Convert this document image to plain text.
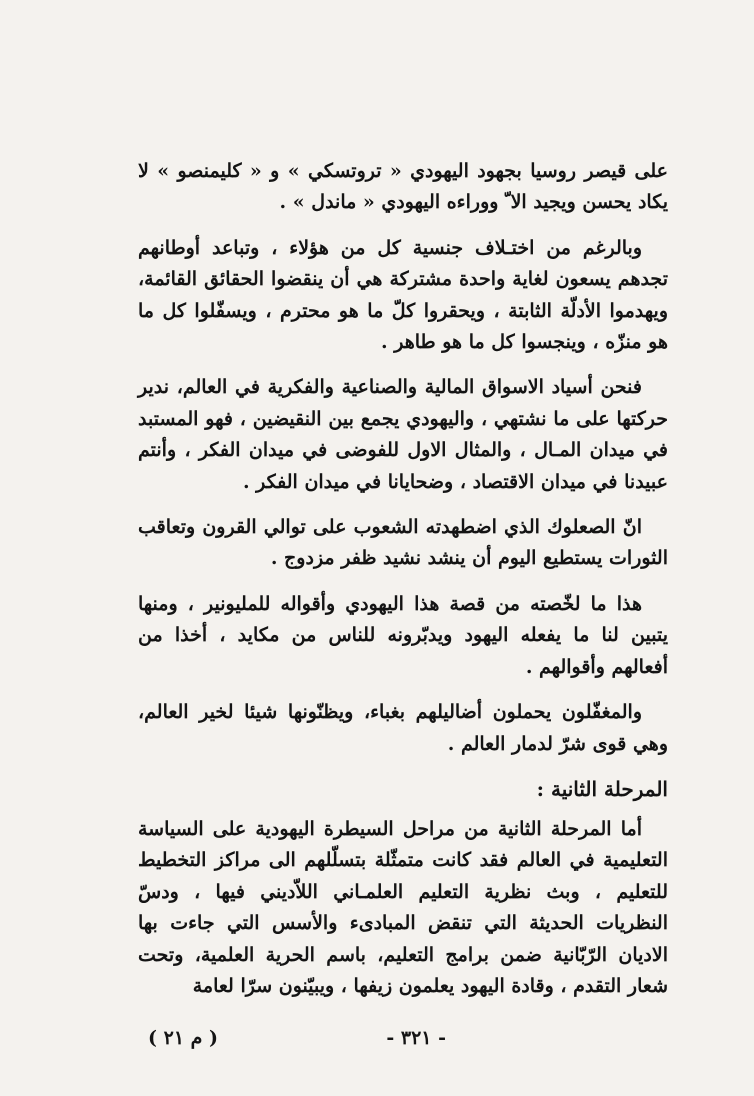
على قيصر روسيا بجهود اليهودي « تروتسكي » و « كليمنصو » لا يكاد يحسن ويجيد الا ّ ووراءه اليهودي « ماندل » .

وبالرغم من اختـلاف جنسية كل من هؤلاء ، وتباعد أوطانهم تجدهم يسعون لغاية واحدة مشتركة هي أن ينقضوا الحقائق القائمة، ويهدموا الأدلّة الثابتة ، ويحقروا كلّ ما هو محترم ، ويسفّلوا كل ما هو منزّه ، وينجسوا كل ما هو طاهر .

فنحن أسياد الاسواق المالية والصناعية والفكرية في العالم، ندير حركتها على ما نشتهي ، واليهودي يجمع بين النقيضين ، فهو المستبد في ميدان المـال ، والمثال الاول للفوضى في ميدان الفكر ، وأنتم عبيدنا في ميدان الاقتصاد ، وضحايانا في ميدان الفكر .

انّ الصعلوك الذي اضطهدته الشعوب على توالي القرون وتعاقب الثورات يستطيع اليوم أن ينشد نشيد ظفر مزدوج .

هذا ما لخّصته من قصة هذا اليهودي وأقواله للمليونير ، ومنها يتبين لنا ما يفعله اليهود ويدبّرونه للناس من مكايد ، أخذا من أفعالهم وأقوالهم .

والمغفّلون يحملون أضاليلهم بغباء، ويظنّونها شيئا لخير العالم، وهي قوى شرّ لدمار العالم .

المرحلة الثانية :

أما المرحلة الثانية من مراحل السيطرة اليهودية على السياسة التعليمية في العالم فقد كانت متمثّلة بتسلّلهم الى مراكز التخطيط للتعليم ، وبث نظرية التعليم العلمـاني اللاّديني فيها ، ودسّ النظريات الحديثة التي تنقض المبادىء والأسس التي جاءت بها الاديان الرّبّانية ضمن برامج التعليم، باسم الحرية العلمية، وتحت شعار التقدم ، وقادة اليهود يعلمون زيفها ، ويبيّنون سرّا لعامة

- ٣٢١ -
( م ٢١ )
